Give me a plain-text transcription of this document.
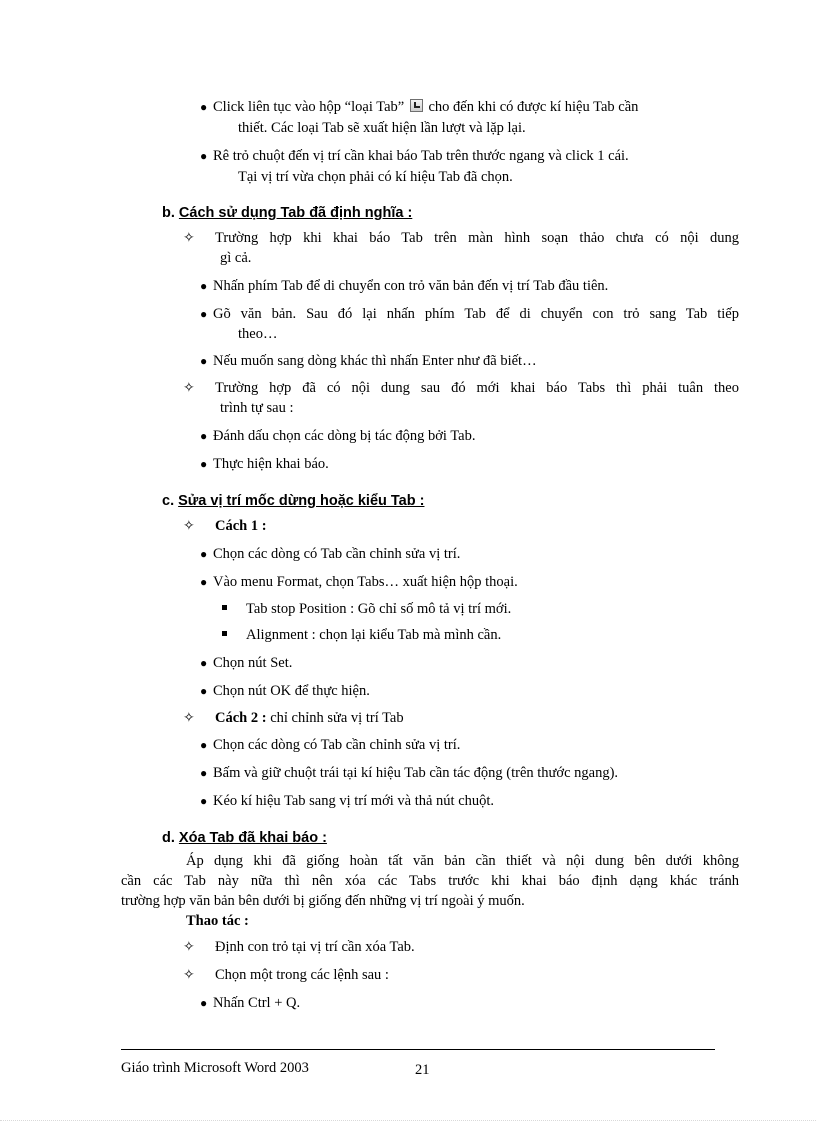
● Click liên tục vào hộp “loại Tab” cho đến khi có được kí hiệu Tab cần
thiết. Các loại Tab sẽ xuất hiện lần lượt và lặp lại.
● Rê trỏ chuột đến vị trí cần khai báo Tab trên thước ngang và click 1 cái.
Tại vị trí vừa chọn phải có kí hiệu Tab đã chọn.
b. Cách sử dụng Tab đã định nghĩa :
✧ Trường hợp khi khai báo Tab trên màn hình soạn thảo chưa có nội dung
gì cả.
● Nhấn phím Tab để di chuyển con trỏ văn bản đến vị trí Tab đầu tiên.
● Gõ văn bản. Sau đó lại nhấn phím Tab để di chuyển con trỏ sang Tab tiếp
theo…
● Nếu muốn sang dòng khác thì nhấn Enter như đã biết…
✧ Trường hợp đã có nội dung sau đó mới khai báo Tabs thì phải tuân theo
trình tự sau :
● Đánh dấu chọn các dòng bị tác động bởi Tab.
● Thực hiện khai báo.
c. Sửa vị trí mốc dừng hoặc kiểu Tab :
✧ Cách 1 :
● Chọn các dòng có Tab cần chỉnh sửa vị trí.
● Vào menu Format, chọn Tabs… xuất hiện hộp thoại.
Tab stop Position : Gõ chỉ số mô tả vị trí mới.
Alignment : chọn lại kiểu Tab mà mình cần.
● Chọn nút Set.
● Chọn nút OK để thực hiện.
✧ Cách 2 : chỉ chỉnh sửa vị trí Tab
● Chọn các dòng có Tab cần chỉnh sửa vị trí.
● Bấm và giữ chuột trái tại kí hiệu Tab cần tác động (trên thước ngang).
● Kéo kí hiệu Tab sang vị trí mới và thả nút chuột.
d. Xóa Tab đã khai báo :
Áp dụng khi đã giống hoàn tất văn bản cần thiết và nội dung bên dưới không
cần các Tab này nữa thì nên xóa các Tabs trước khi khai báo định dạng khác tránh
trường hợp văn bản bên dưới bị giống đến những vị trí ngoài ý muốn.
Thao tác :
✧ Định con trỏ tại vị trí cần xóa Tab.
✧ Chọn một trong các lệnh sau :
● Nhấn Ctrl + Q.
Giáo trình Microsoft Word 2003	21
